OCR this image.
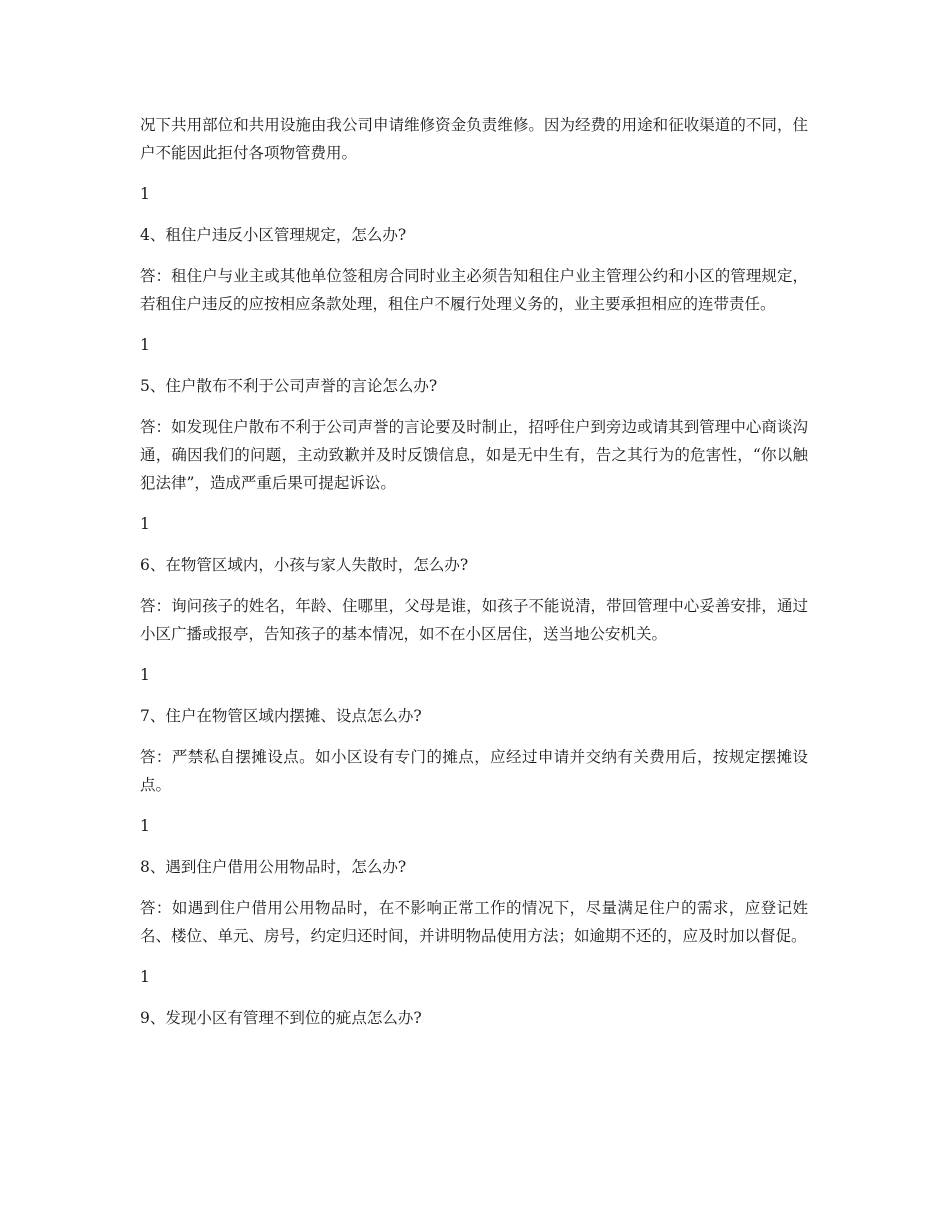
况下共用部位和共用设施由我公司申请维修资金负责维修。因为经费的用途和征收渠道的不同，住户不能因此拒付各项物管费用。

1

4、租住户违反小区管理规定，怎么办?

答：租住户与业主或其他单位签租房合同时业主必须告知租住户业主管理公约和小区的管理规定，若租住户违反的应按相应条款处理，租住户不履行处理义务的，业主要承担相应的连带责任。

1

5、住户散布不利于公司声誉的言论怎么办?

答：如发现住户散布不利于公司声誉的言论要及时制止，招呼住户到旁边或请其到管理中心商谈沟通，确因我们的问题，主动致歉并及时反馈信息，如是无中生有，告之其行为的危害性，“你以触犯法律”，造成严重后果可提起诉讼。

1

6、在物管区域内，小孩与家人失散时，怎么办?

答：询问孩子的姓名，年龄、住哪里，父母是谁，如孩子不能说清，带回管理中心妥善安排，通过小区广播或报亭，告知孩子的基本情况，如不在小区居住，送当地公安机关。

1

7、住户在物管区域内摆摊、设点怎么办?

答：严禁私自摆摊设点。如小区设有专门的摊点，应经过申请并交纳有关费用后，按规定摆摊设点。

1

8、遇到住户借用公用物品时，怎么办?

答：如遇到住户借用公用物品时，在不影响正常工作的情况下，尽量满足住户的需求，应登记姓名、楼位、单元、房号，约定归还时间，并讲明物品使用方法；如逾期不还的，应及时加以督促。

1

9、发现小区有管理不到位的疵点怎么办?
